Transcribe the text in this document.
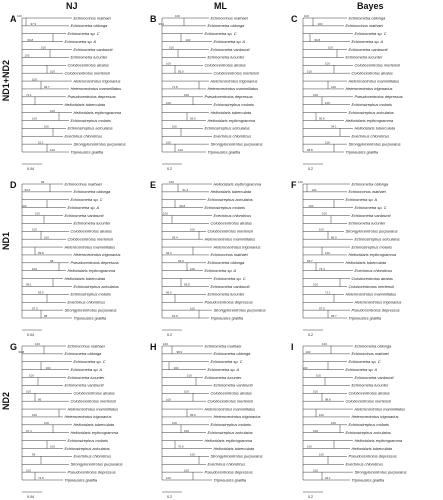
NJ	ML	Bayes
ND1+ND2
ND1
ND2
A	Echinocrinus mathaei
Echinometra oblonga
Echinometra sp. C
Echinometra sp. A
Echinometra vanbrunti
Echinometra lucunter
Colobocentrotus atratus
Colobocentrotus mertensii
Heterocentrotus trigonarius
Heterocentrotus mammillatus
Pseudocentrotus depressus
Heliocidaris tuberculata
Heliocidaris erythrogramma
Echinostrephus molaris
Echinostrephus aciculatus
Evechinus chloroticus
Strongylocentrotus purpuratus
Tripneustes gratilla
100
97.9
99.8
100
100
100
100
96.7
71.1
100
100
100
52.1
100
0.04
B	Echinocrinus mathaei
Echinometra oblonga
Echinometra sp. C
Echinometra sp. A
Echinometra vanbrunti
Echinometra lucunter
Colobocentrotus atratus
Colobocentrotus mertensii
Heterocentrotus trigonarius
Heterocentrotus mammillatus
Pseudocentrotus depressus
Echinostrephus molaris
Heliocidaris tuberculata
Heliocidaris erythrogramma
Echinostrephus aciculatus
Evechinus chloroticus
Strongylocentrotus purpuratus
Tripneustes gratilla
100
99.1
100
100
100
95.0
71.8
100
100
56.6
100
100
100
0.2
C	Echinometra oblonga
Echinocrinus mathaei
Echinometra sp. C
Echinometra sp. A
Echinometra vanbrunti
Echinometra lucunter
Colobocentrotus mertensii
Colobocentrotus atratus
Heterocentrotus mammillatus
Heterocentrotus trigonarius
Pseudocentrotus depressus
Echinostrephus molaris
Echinostrephus aciculatus
Heliocidaris erythrogramma
Heliocidaris tuberculata
Evechinus chloroticus
Strongylocentrotus purpuratus
Tripneustes gratilla
100
100
99.8
100
100
100
100
100
100
96.8
94.1
100
98.8
0.2
D	Echinocrinus mathaei
Echinometra oblonga
Echinometra sp. C
Echinometra sp. A
Echinometra vanbrunti
Echinometra lucunter
Colobocentrotus atratus
Colobocentrotus mertensii
Heterocentrotus mammillatus
Heterocentrotus trigonarius
Pseudocentrotus depressus
Heliocidaris erythrogramma
Heliocidaris tuberculata
Echinostrephus aciculatus
Echinostrephus molaris
Evechinus chloroticus
Strongylocentrotus purpuratus
Tripneustes gratilla
99
99.6
100
100
100
100
99.8
98
100
99.1
83.5
97.3
98
0.04
E	Heliocidaris erythrogramma
Heliocidaris tuberculata
Echinostrephus aciculatus
Echinostrephus molaris
Evechinus chloroticus
Colobocentrotus atratus
Colobocentrotus mertensii
Heterocentrotus mammillatus
Heterocentrotus trigonarius
Echinocrinus mathaei
Echinometra oblonga
Echinometra sp. A
Echinometra sp. C
Echinometra vanbrunti
Echinometra lucunter
Pseudocentrotus depressus
Strongylocentrotus purpuratus
Tripneustes gratilla
100
51.4
99.8
100
100
99.4
94.3
93.9
100
99.8
96.5
100
81.9
0.2
F	Echinometra oblonga
Echinocrinus mathaei
Echinometra sp. A
Echinometra sp. C
Echinometra vanbrunti
Echinometra lucunter
Strongylocentrotus purpuratus
Echinostrephus aciculatus
Echinostrephus molaris
Heliocidaris erythrogramma
Heliocidaris tuberculata
Evechinus chloroticus
Colobocentrotus atratus
Colobocentrotus mertensii
Heterocentrotus mammillatus
Heterocentrotus trigonarius
Pseudocentrotus depressus
Tripneustes gratilla
100
100
100
100
100
96.9
100
65.7
73.4
100
71.1
97.0
95.7
0.2
G	Echinocrinus mathaei
Echinometra oblonga
Echinometra sp. C
Echinometra sp. A
Echinometra lucunter
Echinometra vanbrunti
Colobocentrotus atratus
Colobocentrotus mertensii
Heterocentrotus mammillatus
Heterocentrotus trigonarius
Heliocidaris tuberculata
Heliocidaris erythrogramma
Echinostrephus molaris
Echinostrephus aciculatus
Evechinus chloroticus
Strongylocentrotus purpuratus
Pseudocentrotus depressus
Tripneustes gratilla
100
99.8
100
100
100
96
100
100
97.4
100
99
100
74.6
0.04
H	Echinometra mathaei
Echinometra oblonga
Echinometra sp. C
Echinometra sp. A
Echinometra lucunter
Echinometra vanbrunti
Colobocentrotus atratus
Colobocentrotus mertensii
Heterocentrotus mammillatus
Heterocentrotus trigonarius
Echinostrephus molaris
Echinostrephus aciculatus
Heliocidaris erythrogramma
Heliocidaris tuberculata
Strongylocentrotus purpuratus
Evechinus chloroticus
Pseudocentrotus depressus
Tripneustes gratilla
100
98.9
100
100
100
100
95.9
100
100
70.6
100
100
100
0.2
I	Echinometra oblonga
Echinocrinus mathaei
Echinometra sp. C
Echinometra sp. A
Echinometra vanbrunti
Echinometra lucunter
Colobocentrotus atratus
Colobocentrotus mertensii
Heterocentrotus mammillatus
Heterocentrotus trigonarius
Echinostrephus molaris
Echinostrephus aciculatus
Heliocidaris erythrogramma
Heliocidaris tuberculata
Pseudocentrotus depressus
Evechinus chloroticus
Strongylocentrotus purpuratus
Tripneustes gratilla
100
100
100
100
100
98.8
100
100
100
100
100
100
94.1
0.2
